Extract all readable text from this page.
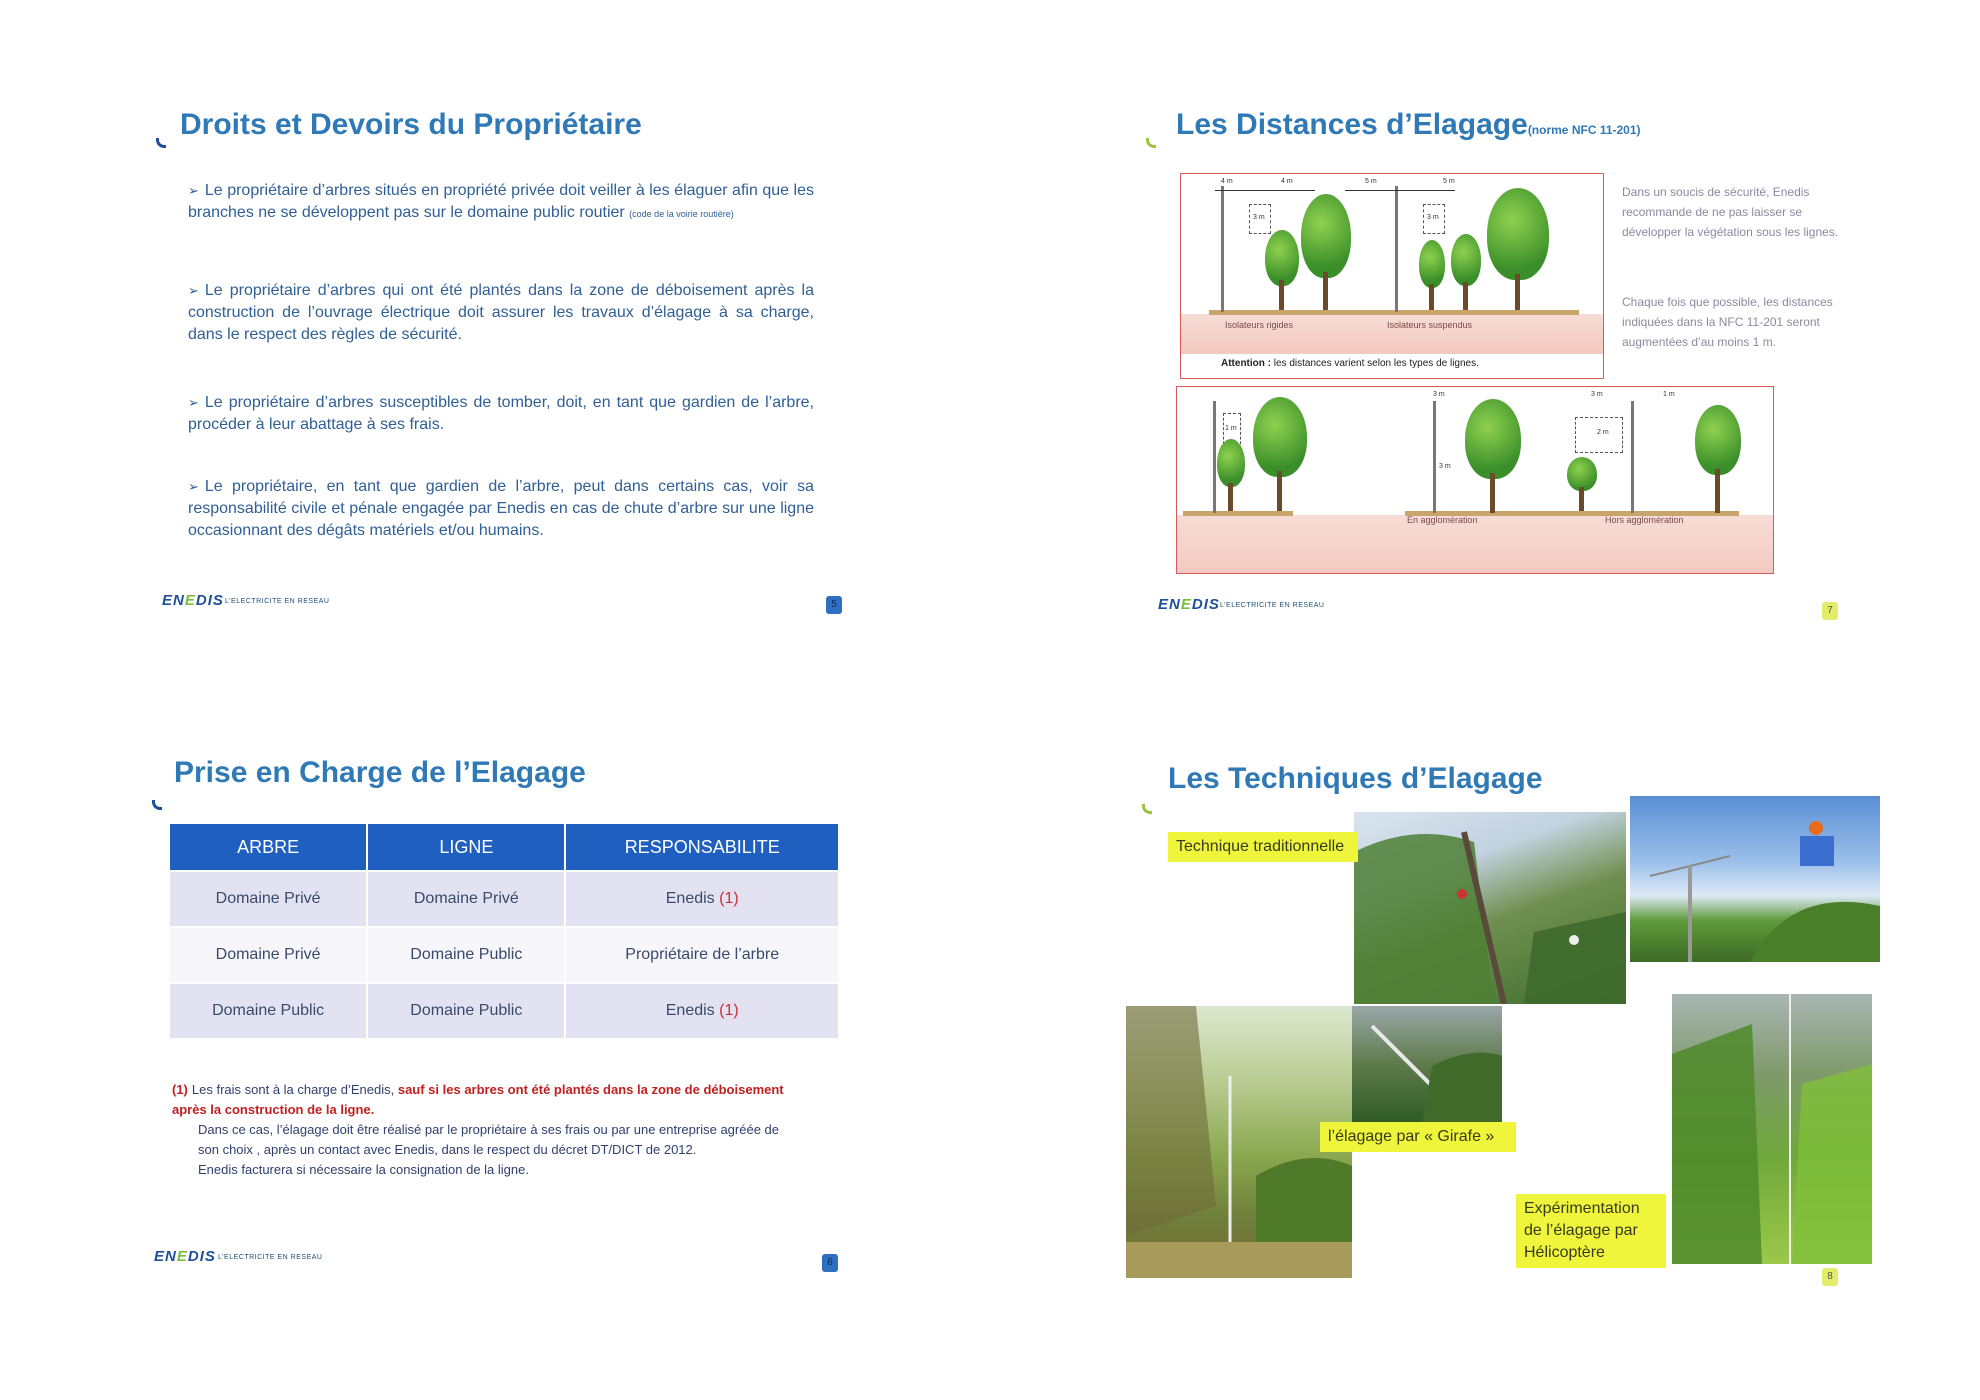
Droits et Devoirs du Propriétaire
➢ Le propriétaire d’arbres situés en propriété privée doit veiller à les élaguer afin que les branches ne se développent pas sur le domaine public routier (code de la voirie routière)
➢ Le propriétaire d’arbres qui ont été plantés dans la zone de déboisement après la construction de l’ouvrage électrique doit assurer les travaux d’élagage à sa charge, dans le respect des règles de sécurité.
➢ Le propriétaire d’arbres susceptibles de tomber, doit, en tant que gardien de l’arbre, procéder à leur abattage à ses frais.
➢ Le propriétaire, en tant que gardien de l’arbre, peut dans certains cas, voir sa responsabilité civile et pénale engagée par Enedis en cas de chute d’arbre sur une ligne occasionnant des dégâts matériels et/ou humains.
ENEDIS L’ELECTRICITE EN RESEAU	5
Les Distances d’Elagage(norme NFC 11-201)
4 m	4 m	5 m	5 m
3 m	3 m
Isolateurs rigides	Isolateurs suspendus
Attention : les distances varient selon les types de lignes.
1 m
3 m
3 m
3 m	1 m
2 m
En agglomération	Hors agglomération
Dans un soucis de sécurité, Enedis recommande de ne pas laisser se développer la végétation sous les lignes.
Chaque fois que possible, les distances indiquées dans la NFC 11-201 seront augmentées d’au moins 1 m.
ENEDIS L’ELECTRICITE EN RESEAU	7
Prise en Charge de l’Elagage
ARBRE	LIGNE	RESPONSABILITE
Domaine Privé	Domaine Privé	Enedis (1)
Domaine Privé	Domaine Public	Propriétaire de l’arbre
Domaine Public	Domaine Public	Enedis (1)
(1) Les frais sont à la charge d’Enedis, sauf si les arbres ont été plantés dans la zone de déboisement après la construction de la ligne.
Dans ce cas, l’élagage doit être réalisé par le propriétaire à ses frais ou par une entreprise agréée de son choix , après un contact avec Enedis, dans le respect du décret DT/DICT de 2012.
Enedis facturera si nécessaire la consignation de la ligne.
ENEDIS L’ELECTRICITE EN RESEAU	6
Les Techniques d’Elagage
Technique traditionnelle
l’élagage par « Girafe »
Expérimentation de l’élagage par Hélicoptère
8
